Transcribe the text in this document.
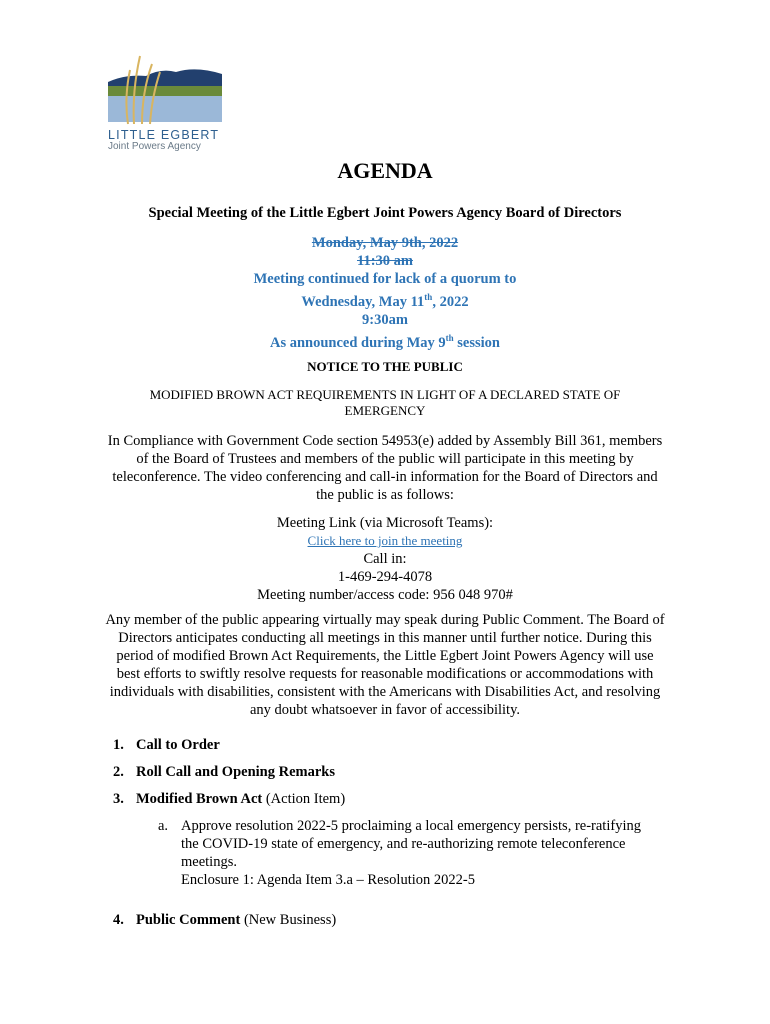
LITTLE EGBERT
Joint Powers Agency
AGENDA
Special Meeting of the Little Egbert Joint Powers Agency Board of Directors
Monday, May 9th, 2022
11:30 am
Meeting continued for lack of a quorum to
Wednesday, May 11th, 2022
9:30am
As announced during May 9th session
NOTICE TO THE PUBLIC
MODIFIED BROWN ACT REQUIREMENTS IN LIGHT OF A DECLARED STATE OF
EMERGENCY
In Compliance with Government Code section 54953(e) added by Assembly Bill 361, members
of the Board of Trustees and members of the public will participate in this meeting by
teleconference. The video conferencing and call-in information for the Board of Directors and
the public is as follows:
Meeting Link (via Microsoft Teams):
Click here to join the meeting
Call in:
1-469-294-4078
Meeting number/access code: 956 048 970#
Any member of the public appearing virtually may speak during Public Comment. The Board of
Directors anticipates conducting all meetings in this manner until further notice. During this
period of modified Brown Act Requirements, the Little Egbert Joint Powers Agency will use
best efforts to swiftly resolve requests for reasonable modifications or accommodations with
individuals with disabilities, consistent with the Americans with Disabilities Act, and resolving
any doubt whatsoever in favor of accessibility.
1. Call to Order
2. Roll Call and Opening Remarks
3. Modified Brown Act (Action Item)
a. Approve resolution 2022-5 proclaiming a local emergency persists, re-ratifying
the COVID-19 state of emergency, and re-authorizing remote teleconference
meetings.
Enclosure 1: Agenda Item 3.a – Resolution 2022-5
4. Public Comment (New Business)
